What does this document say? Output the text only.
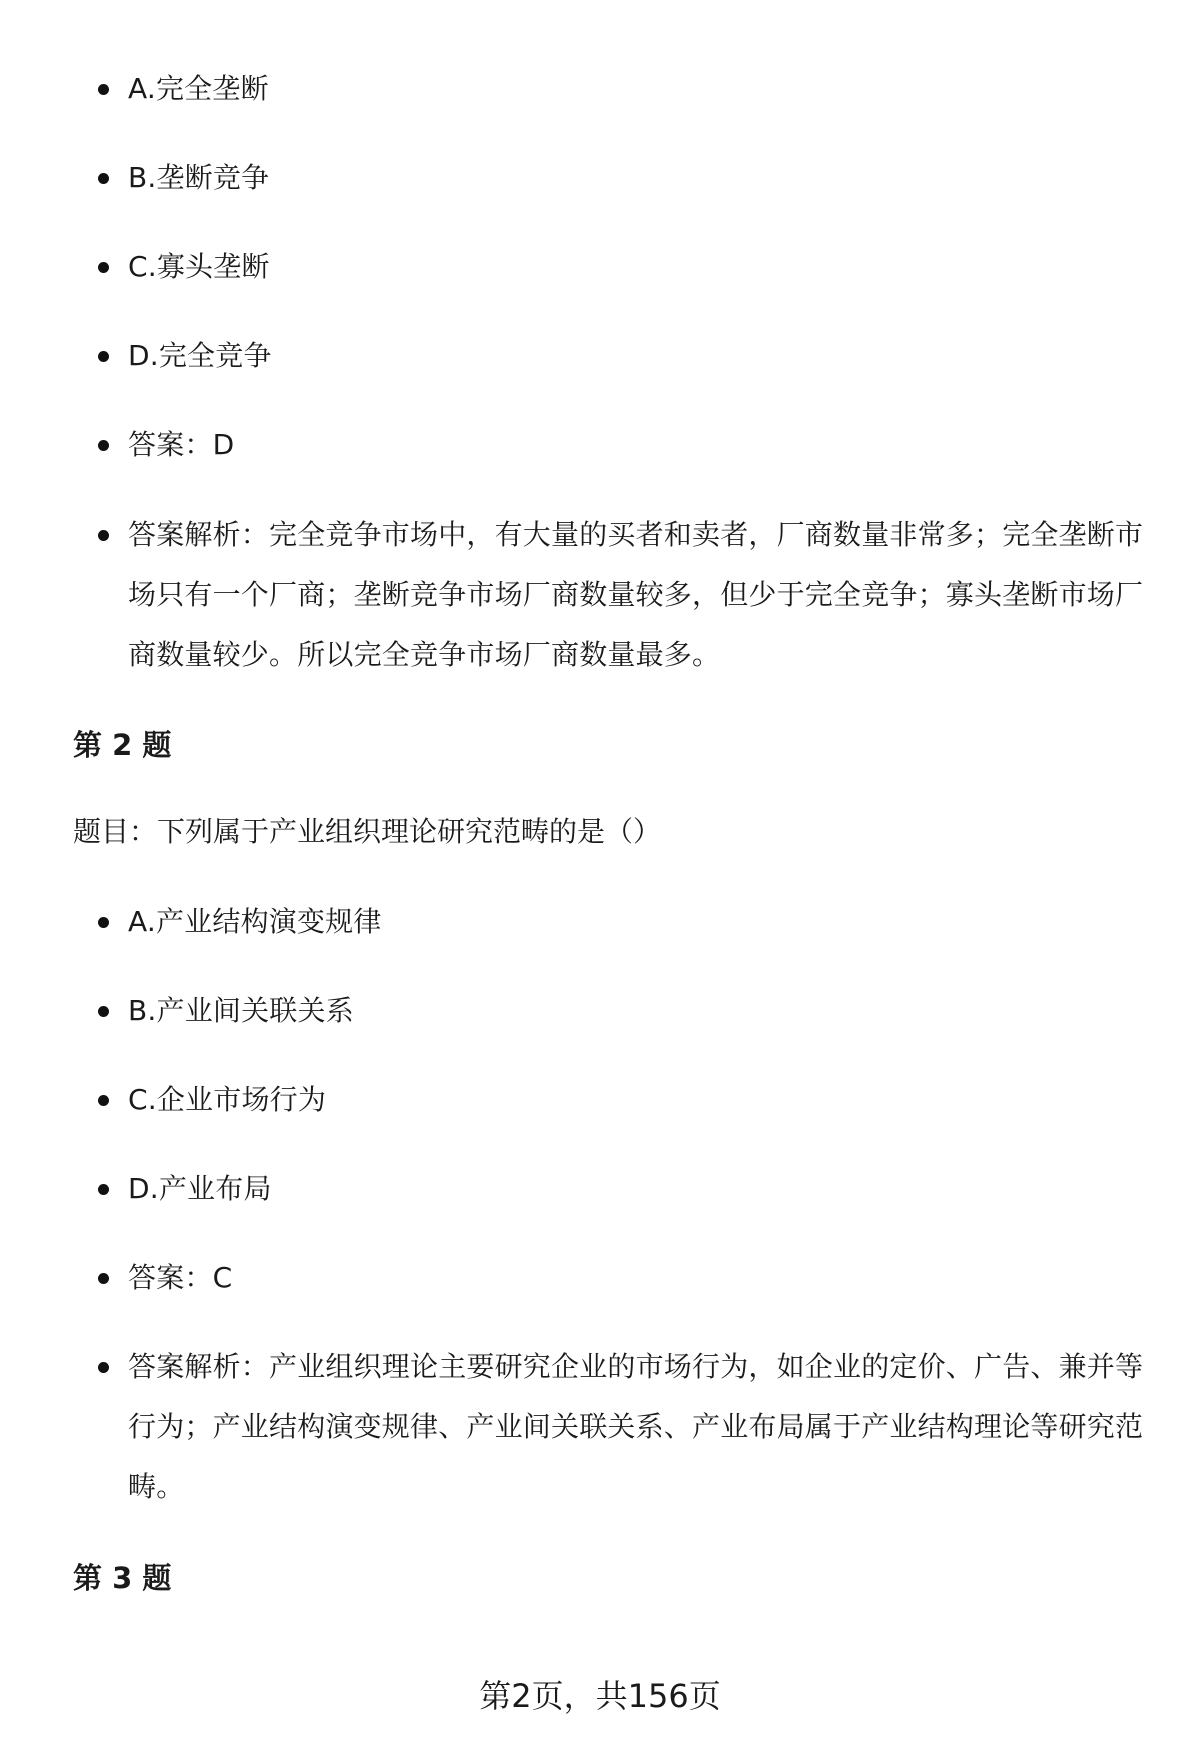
A.完全垄断
B.垄断竞争
C.寡头垄断
D.完全竞争
答案：D
答案解析：完全竞争市场中，有大量的买者和卖者，厂商数量非常多；完全垄断市场只有一个厂商；垄断竞争市场厂商数量较多，但少于完全竞争；寡头垄断市场厂商数量较少。所以完全竞争市场厂商数量最多。
第 2 题
题目：下列属于产业组织理论研究范畴的是（）
A.产业结构演变规律
B.产业间关联关系
C.企业市场行为
D.产业布局
答案：C
答案解析：产业组织理论主要研究企业的市场行为，如企业的定价、广告、兼并等行为；产业结构演变规律、产业间关联关系、产业布局属于产业结构理论等研究范畴。
第 3 题
第2页，共156页
